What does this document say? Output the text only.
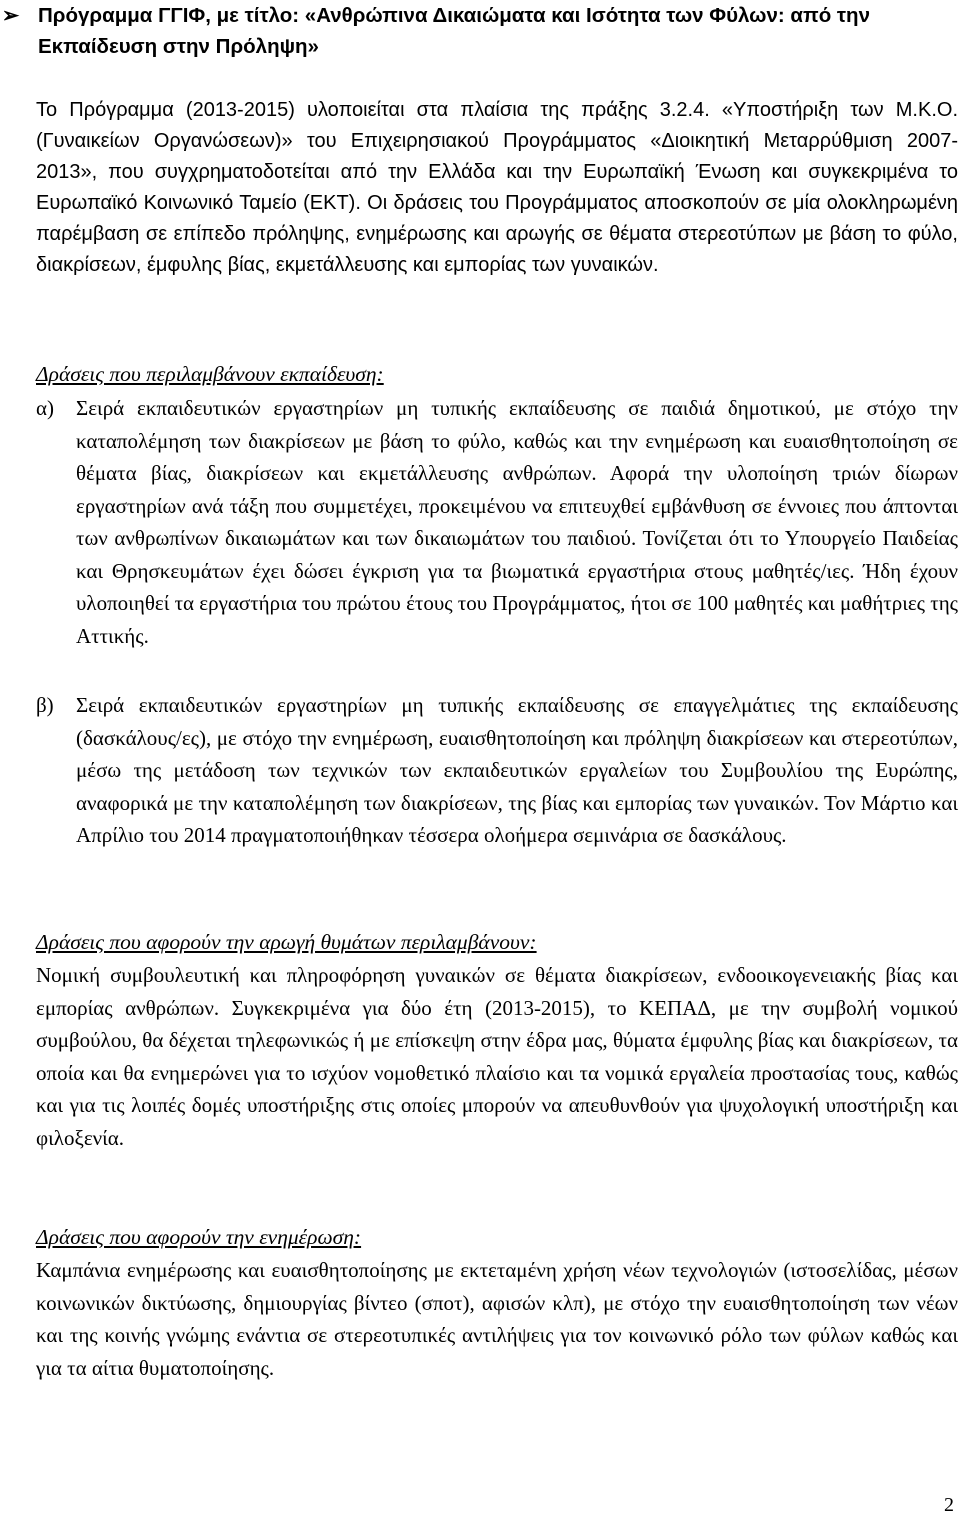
➢ Πρόγραμμα ΓΓΙΦ, με τίτλο: «Ανθρώπινα Δικαιώματα και Ισότητα των Φύλων: από την Εκπαίδευση στην Πρόληψη»
Το Πρόγραμμα (2013-2015) υλοποιείται στα πλαίσια της πράξης 3.2.4. «Υποστήριξη των Μ.Κ.Ο. (Γυναικείων Οργανώσεων)» του Επιχειρησιακού Προγράμματος «Διοικητική Μεταρρύθμιση 2007-2013», που συγχρηματοδοτείται από την Ελλάδα και την Ευρωπαϊκή Ένωση και συγκεκριμένα το Ευρωπαϊκό Κοινωνικό Ταμείο (ΕΚΤ). Οι δράσεις του Προγράμματος αποσκοπούν σε μία ολοκληρωμένη παρέμβαση σε επίπεδο πρόληψης, ενημέρωσης και αρωγής σε θέματα στερεοτύπων με βάση το φύλο, διακρίσεων, έμφυλης βίας, εκμετάλλευσης και εμπορίας των γυναικών.
Δράσεις που περιλαμβάνουν εκπαίδευση:
α)	Σειρά εκπαιδευτικών εργαστηρίων μη τυπικής εκπαίδευσης σε παιδιά δημοτικού, με στόχο την καταπολέμηση των διακρίσεων με βάση το φύλο, καθώς και την ενημέρωση και ευαισθητοποίηση σε θέματα βίας, διακρίσεων και εκμετάλλευσης ανθρώπων. Αφορά την υλοποίηση τριών δίωρων εργαστηρίων ανά τάξη που συμμετέχει, προκειμένου να επιτευχθεί εμβάνθυση σε έννοιες που άπτονται των ανθρωπίνων δικαιωμάτων και των δικαιωμάτων του παιδιού. Τονίζεται ότι το Υπουργείο Παιδείας και Θρησκευμάτων έχει δώσει έγκριση για τα βιωματικά εργαστήρια στους μαθητές/ιες. Ήδη έχουν υλοποιηθεί τα εργαστήρια του πρώτου έτους του Προγράμματος, ήτοι σε 100 μαθητές και μαθήτριες της Αττικής.
β)	Σειρά εκπαιδευτικών εργαστηρίων μη τυπικής εκπαίδευσης σε επαγγελμάτιες της εκπαίδευσης (δασκάλους/ες), με στόχο την ενημέρωση, ευαισθητοποίηση και πρόληψη διακρίσεων και στερεοτύπων, μέσω της μετάδοση των τεχνικών των εκπαιδευτικών εργαλείων του Συμβουλίου της Ευρώπης, αναφορικά με την καταπολέμηση των διακρίσεων, της βίας και εμπορίας των γυναικών. Τον Μάρτιο και Απρίλιο του 2014 πραγματοποιήθηκαν τέσσερα ολοήμερα σεμινάρια σε δασκάλους.
Δράσεις που αφορούν την αρωγή θυμάτων περιλαμβάνουν:
Νομική συμβουλευτική και πληροφόρηση γυναικών σε θέματα διακρίσεων, ενδοοικογενειακής βίας και εμπορίας ανθρώπων. Συγκεκριμένα για δύο έτη (2013-2015), το ΚΕΠΑΔ, με την συμβολή νομικού συμβούλου, θα δέχεται τηλεφωνικώς ή με επίσκεψη στην έδρα μας, θύματα έμφυλης βίας και διακρίσεων, τα οποία και θα ενημερώνει για το ισχύον νομοθετικό πλαίσιο και τα νομικά εργαλεία προστασίας τους, καθώς και για τις λοιπές δομές υποστήριξης στις οποίες μπορούν να απευθυνθούν για ψυχολογική υποστήριξη και φιλοξενία.
Δράσεις που αφορούν την ενημέρωση:
Καμπάνια ενημέρωσης και ευαισθητοποίησης με εκτεταμένη χρήση νέων τεχνολογιών (ιστοσελίδας, μέσων κοινωνικών δικτύωσης, δημιουργίας βίντεο (σποτ), αφισών κλπ), με στόχο την ευαισθητοποίηση των νέων και της κοινής γνώμης ενάντια σε στερεοτυπικές αντιλήψεις για τον κοινωνικό ρόλο των φύλων καθώς και για τα αίτια θυματοποίησης.
2
